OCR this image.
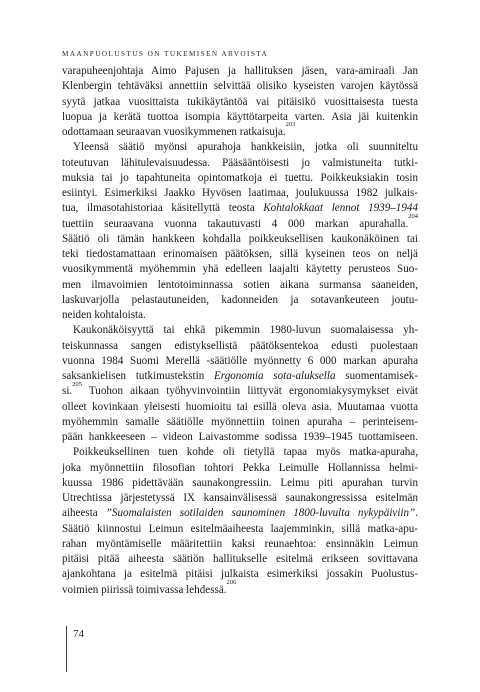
MAANPUOLUSTUS ON TUKEMISEN ARVOISTA
varapuheenjohtaja Aimo Pajusen ja hallituksen jäsen, vara-amiraali Jan
Klenbergin tehtäväksi annettiin selvittää olisiko kyseisten varojen käytössä
syytä jatkaa vuosittaista tukikäytäntöä vai pitäisikö vuosittaisesta tuesta
luopua ja kerätä tuottoa isompia käyttötarpeita varten. Asia jäi kuitenkin
odottamaan seuraavan vuosikymmenen ratkaisuja.$^{203}$
Yleensä säätiö myönsi apurahoja hankkeisiin, jotka oli suunniteltu
toteutuvan lähitulevaisuudessa. Pääsääntöisesti jo valmistuneita tutki-
muksia tai jo tapahtuneita opintomatkoja ei tuettu. Poikkeuksiakin tosin
esiintyi. Esimerkiksi Jaakko Hyvösen laatimaa, joulukuussa 1982 julkais-
tua, ilmasotahistoriaa käsitellyttä teosta Kohtalokkaat lennot 1939–1944
tuettiin seuraavana vuonna takautuvasti 4 000 markan apurahalla.$^{204}$
Säätiö oli tämän hankkeen kohdalla poikkeuksellisen kaukonäköinen tai
teki tiedostamattaan erinomaisen päätöksen, sillä kyseinen teos on neljä
vuosikymmentä myöhemmin yhä edelleen laajalti käytetty perusteos Suo-
men ilmavoimien lentotoiminnassa sotien aikana surmansa saaneiden,
laskuvarjolla pelastautuneiden, kadonneiden ja sotavankeuteen joutu-
neiden kohtaloista.
Kaukonäköisyyttä tai ehkä pikemmin 1980-luvun suomalaisessa yh-
teiskunnassa sangen edistyksellistä päätöksentekoa edusti puolestaan
vuonna 1984 Suomi Merellä -säätiölle myönnetty 6 000 markan apuraha
saksankielisen tutkimustekstin Ergonomia sota-aluksella suomentamisek-
si.$^{205}$ Tuohon aikaan työhyvinvointiin liittyvät ergonomiakysymykset eivät
olleet kovinkaan yleisesti huomioitu tai esillä oleva asia. Muutamaa vuotta
myöhemmin samalle säätiölle myönnettiin toinen apuraha – perinteisem-
pään hankkeeseen – videon Laivastomme sodissa 1939–1945 tuottamiseen.
Poikkeuksellinen tuen kohde oli tietyllä tapaa myös matka-apuraha,
joka myönnettiin filosofian tohtori Pekka Leimulle Hollannissa helmi-
kuussa 1986 pidettävään saunakongressiin. Leimu piti apurahan turvin
Utrechtissa järjestetyssä IX kansainvälisessä saunakongressissa esitelmän
aiheesta ”Suomalaisten sotilaiden saunominen 1800-luvulta nykypäiviin”.
Säätiö kiinnostui Leimun esitelmäaiheesta laajemminkin, sillä matka-apu-
rahan myöntämiselle määritettiin kaksi reunaehtoa: ensinnäkin Leimun
pitäisi pitää aiheesta säätiön hallitukselle esitelmä erikseen sovittavana
ajankohtana ja esitelmä pitäisi julkaista esimerkiksi jossakin Puolustus-
voimien piirissä toimivassa lehdessä.$^{206}$
74
